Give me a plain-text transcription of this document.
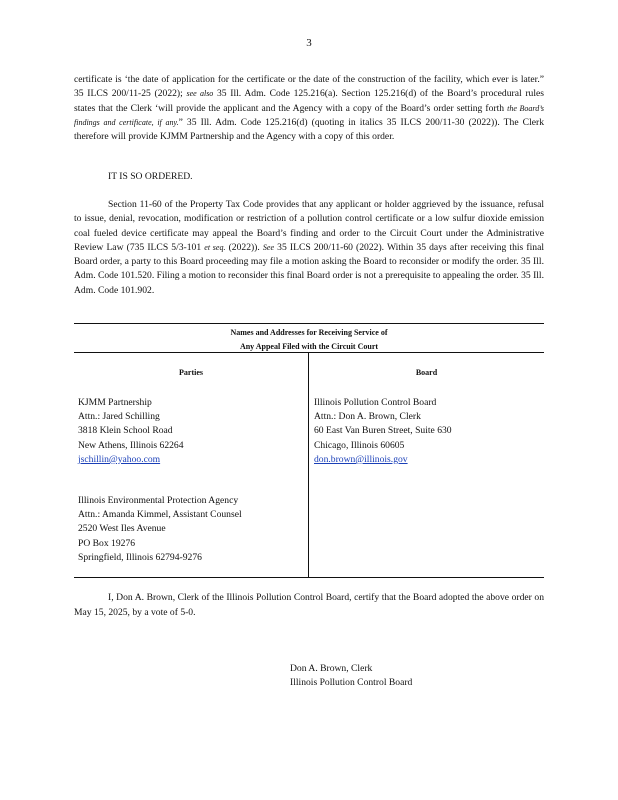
3
certificate is ‘the date of application for the certificate or the date of the construction of the facility, which ever is later.” 35 ILCS 200/11-25 (2022); see also 35 Ill. Adm. Code 125.216(a). Section 125.216(d) of the Board’s procedural rules states that the Clerk ‘will provide the applicant and the Agency with a copy of the Board’s order setting forth the Board’s findings and certificate, if any.” 35 Ill. Adm. Code 125.216(d) (quoting in italics 35 ILCS 200/11-30 (2022)). The Clerk therefore will provide KJMM Partnership and the Agency with a copy of this order.
IT IS SO ORDERED.
Section 11-60 of the Property Tax Code provides that any applicant or holder aggrieved by the issuance, refusal to issue, denial, revocation, modification or restriction of a pollution control certificate or a low sulfur dioxide emission coal fueled device certificate may appeal the Board’s finding and order to the Circuit Court under the Administrative Review Law (735 ILCS 5/3-101 et seq. (2022)). See 35 ILCS 200/11-60 (2022). Within 35 days after receiving this final Board order, a party to this Board proceeding may file a motion asking the Board to reconsider or modify the order. 35 Ill. Adm. Code 101.520. Filing a motion to reconsider this final Board order is not a prerequisite to appealing the order. 35 Ill. Adm. Code 101.902.
Names and Addresses for Receiving Service of
Any Appeal Filed with the Circuit Court
Parties	Board
KJMM Partnership
Attn.: Jared Schilling
3818 Klein School Road
New Athens, Illinois 62264
jschillin@yahoo.com
Illinois Environmental Protection Agency
Attn.: Amanda Kimmel, Assistant Counsel
2520 West Iles Avenue
PO Box 19276
Springfield, Illinois 62794-9276
Illinois Pollution Control Board
Attn.: Don A. Brown, Clerk
60 East Van Buren Street, Suite 630
Chicago, Illinois 60605
don.brown@illinois.gov
I, Don A. Brown, Clerk of the Illinois Pollution Control Board, certify that the Board adopted the above order on May 15, 2025, by a vote of 5-0.
Don A. Brown, Clerk
Illinois Pollution Control Board
